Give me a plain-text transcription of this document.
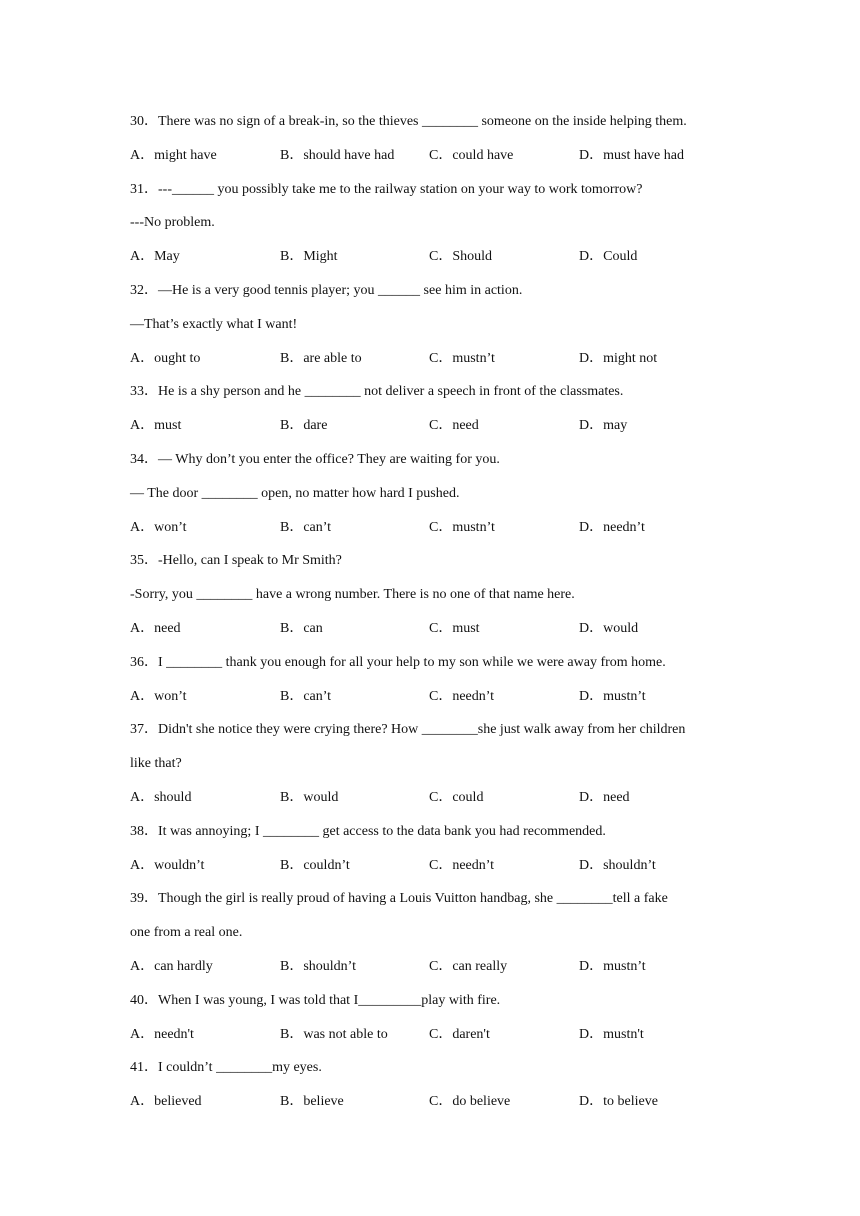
30．There was no sign of a break-in, so the thieves ________ someone on the inside helping them.
A．might have	B．should have had	C．could have	D．must have had
31．---______ you possibly take me to the railway station on your way to work tomorrow?
---No problem.
A．May	B．Might	C．Should	D．Could
32．—He is a very good tennis player; you ______ see him in action.
—That’s exactly what I want!
A．ought to	B．are able to	C．mustn’t	D．might not
33．He is a shy person and he ________ not deliver a speech in front of the classmates.
A．must	B．dare	C．need	D．may
34．— Why don’t you enter the office? They are waiting for you.
— The door ________ open, no matter how hard I pushed.
A．won’t	B．can’t	C．mustn’t	D．needn’t
35．-Hello, can I speak to Mr Smith?
-Sorry, you ________ have a wrong number. There is no one of that name here.
A．need	B．can	C．must	D．would
36．I ________ thank you enough for all your help to my son while we were away from home.
A．won’t	B．can’t	C．needn’t	D．mustn’t
37．Didn't she notice they were crying there? How ________she just walk away from her children
like that?
A．should	B．would	C．could	D．need
38．It was annoying; I ________ get access to the data bank you had recommended.
A．wouldn’t	B．couldn’t	C．needn’t	D．shouldn’t
39．Though the girl is really proud of having a Louis Vuitton handbag, she ________tell a fake
one from a real one.
A．can hardly	B．shouldn’t	C．can really	D．mustn’t
40．When I was young, I was told that I_________play with fire.
A．needn't	B．was not able to	C．daren't	D．mustn't
41．I couldn’t ________my eyes.
A．believed	B．believe	C．do believe	D．to believe
